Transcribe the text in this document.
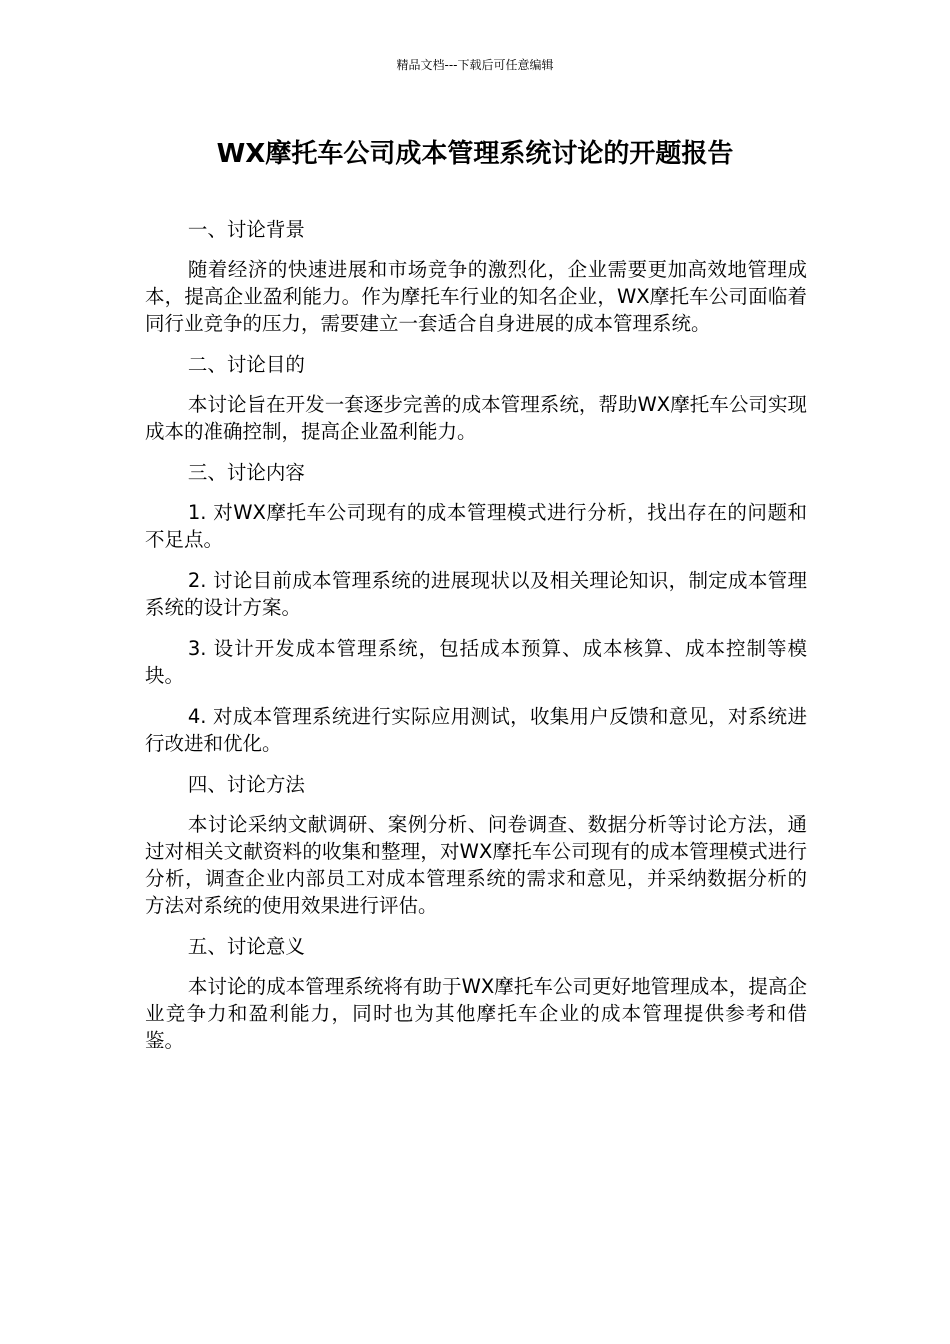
精品文档---下载后可任意编辑
WX摩托车公司成本管理系统讨论的开题报告

一、讨论背景

随着经济的快速进展和市场竞争的激烈化，企业需要更加高效地管理成本，提高企业盈利能力。作为摩托车行业的知名企业，WX摩托车公司面临着同行业竞争的压力，需要建立一套适合自身进展的成本管理系统。

二、讨论目的

本讨论旨在开发一套逐步完善的成本管理系统，帮助WX摩托车公司实现成本的准确控制，提高企业盈利能力。

三、讨论内容

1. 对WX摩托车公司现有的成本管理模式进行分析，找出存在的问题和不足点。

2. 讨论目前成本管理系统的进展现状以及相关理论知识，制定成本管理系统的设计方案。

3. 设计开发成本管理系统，包括成本预算、成本核算、成本控制等模块。

4. 对成本管理系统进行实际应用测试，收集用户反馈和意见，对系统进行改进和优化。

四、讨论方法

本讨论采纳文献调研、案例分析、问卷调查、数据分析等讨论方法，通过对相关文献资料的收集和整理，对WX摩托车公司现有的成本管理模式进行分析，调查企业内部员工对成本管理系统的需求和意见，并采纳数据分析的方法对系统的使用效果进行评估。

五、讨论意义

本讨论的成本管理系统将有助于WX摩托车公司更好地管理成本，提高企业竞争力和盈利能力，同时也为其他摩托车企业的成本管理提供参考和借鉴。
